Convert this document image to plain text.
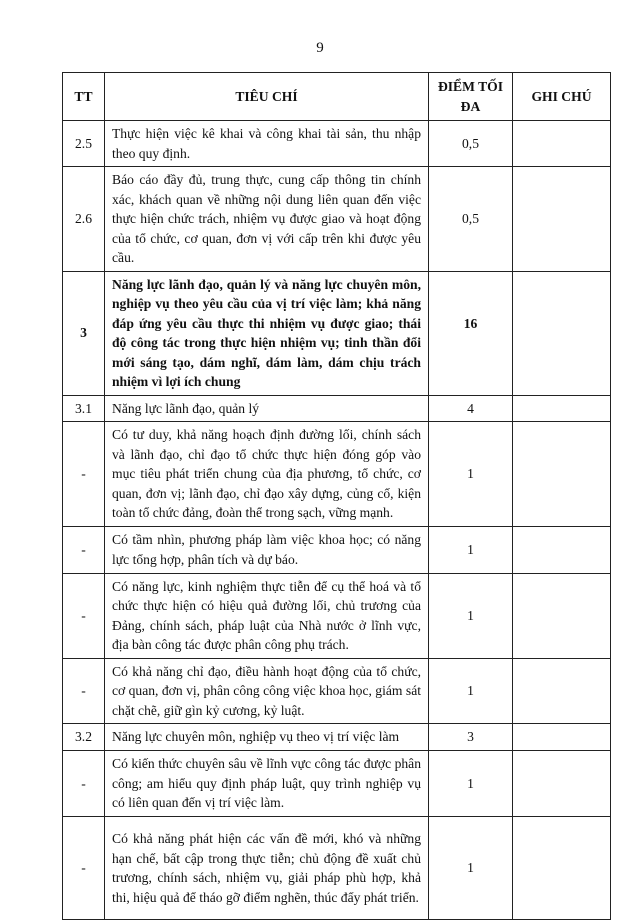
9
TT	TIÊU CHÍ	ĐIỂM TỐI ĐA	GHI CHÚ
2.5	Thực hiện việc kê khai và công khai tài sản, thu nhập theo quy định.	0,5	
2.6	Báo cáo đầy đủ, trung thực, cung cấp thông tin chính xác, khách quan về những nội dung liên quan đến việc thực hiện chức trách, nhiệm vụ được giao và hoạt động của tổ chức, cơ quan, đơn vị với cấp trên khi được yêu cầu.	0,5	
3	Năng lực lãnh đạo, quản lý và năng lực chuyên môn, nghiệp vụ theo yêu cầu của vị trí việc làm; khả năng đáp ứng yêu cầu thực thi nhiệm vụ được giao; thái độ công tác trong thực hiện nhiệm vụ; tinh thần đổi mới sáng tạo, dám nghĩ, dám làm, dám chịu trách nhiệm vì lợi ích chung	16	
3.1	Năng lực lãnh đạo, quản lý	4	
-	Có tư duy, khả năng hoạch định đường lối, chính sách và lãnh đạo, chỉ đạo tổ chức thực hiện đóng góp vào mục tiêu phát triển chung của địa phương, tổ chức, cơ quan, đơn vị; lãnh đạo, chỉ đạo xây dựng, củng cố, kiện toàn tổ chức đảng, đoàn thể trong sạch, vững mạnh.	1	
-	Có tầm nhìn, phương pháp làm việc khoa học; có năng lực tổng hợp, phân tích và dự báo.	1	
-	Có năng lực, kinh nghiệm thực tiễn để cụ thể hoá và tổ chức thực hiện có hiệu quả đường lối, chủ trương của Đảng, chính sách, pháp luật của Nhà nước ở lĩnh vực, địa bàn công tác được phân công phụ trách.	1	
-	Có khả năng chỉ đạo, điều hành hoạt động của tổ chức, cơ quan, đơn vị, phân công công việc khoa học, giám sát chặt chẽ, giữ gìn kỷ cương, kỷ luật.	1	
3.2	Năng lực chuyên môn, nghiệp vụ theo vị trí việc làm	3	
-	Có kiến thức chuyên sâu về lĩnh vực công tác được phân công; am hiểu quy định pháp luật, quy trình nghiệp vụ có liên quan đến vị trí việc làm.	1	
-	Có khả năng phát hiện các vấn đề mới, khó và những hạn chế, bất cập trong thực tiễn; chủ động đề xuất chủ trương, chính sách, nhiệm vụ, giải pháp phù hợp, khả thi, hiệu quả để tháo gỡ điểm nghẽn, thúc đẩy phát triển.	1	
